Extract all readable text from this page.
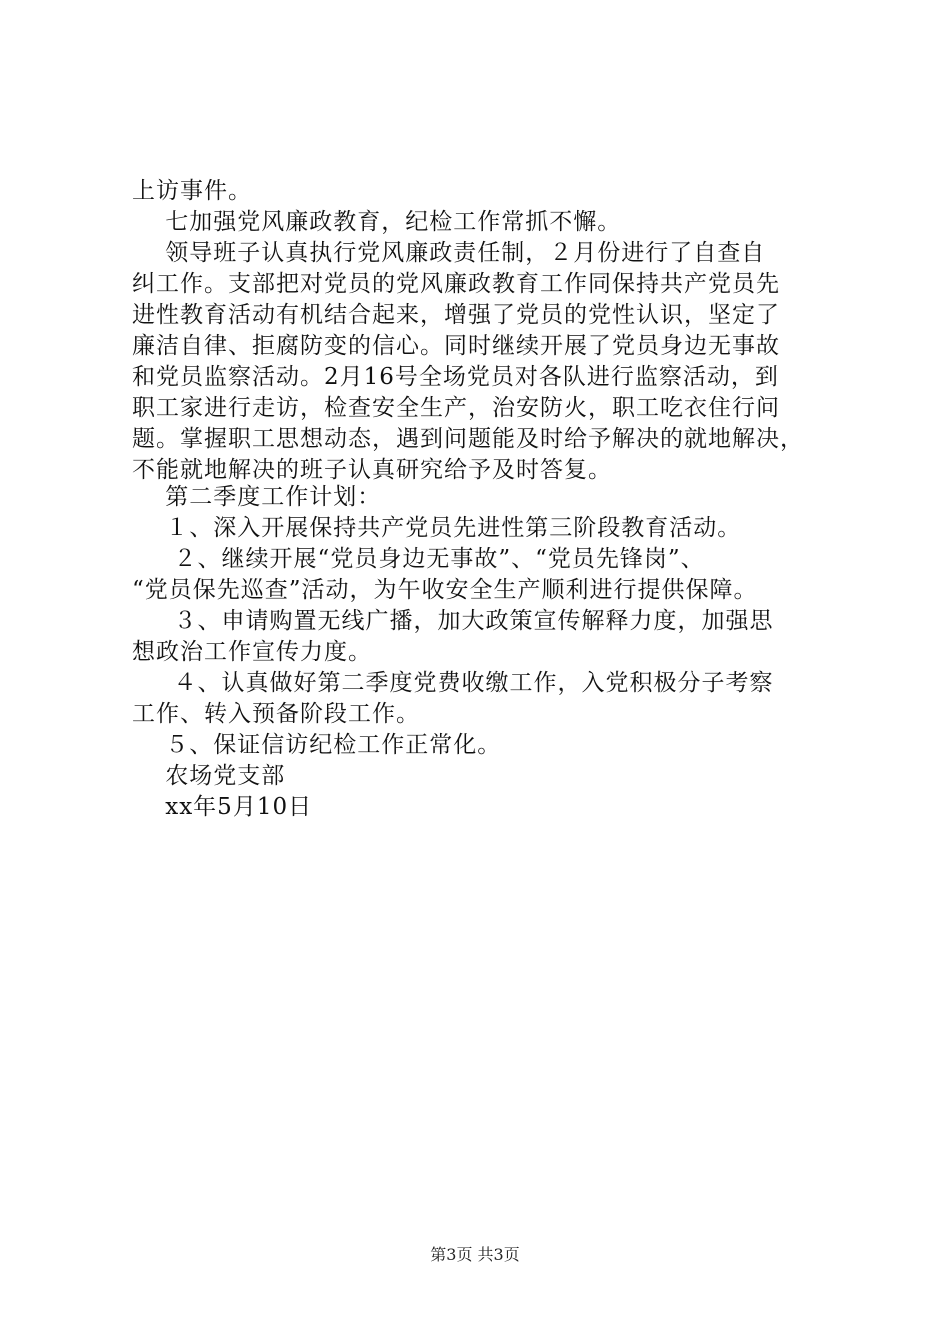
上访事件。
七加强党风廉政教育，纪检工作常抓不懈。
领导班子认真执行党风廉政责任制，２月份进行了自查自
纠工作。支部把对党员的党风廉政教育工作同保持共产党员先
进性教育活动有机结合起来，增强了党员的党性认识，坚定了
廉洁自律、拒腐防变的信心。同时继续开展了党员身边无事故
和党员监察活动。2月16号全场党员对各队进行监察活动，到
职工家进行走访，检查安全生产，治安防火，职工吃衣住行问
题。掌握职工思想动态，遇到问题能及时给予解决的就地解决，
不能就地解决的班子认真研究给予及时答复。
第二季度工作计划：
１、深入开展保持共产党员先进性第三阶段教育活动。
２、继续开展“党员身边无事故”、“党员先锋岗”、
“党员保先巡查”活动，为午收安全生产顺利进行提供保障。
３、申请购置无线广播，加大政策宣传解释力度，加强思
想政治工作宣传力度。
４、认真做好第二季度党费收缴工作，入党积极分子考察
工作、转入预备阶段工作。
５、保证信访纪检工作正常化。
农场党支部
xx年5月10日
第3页 共3页
